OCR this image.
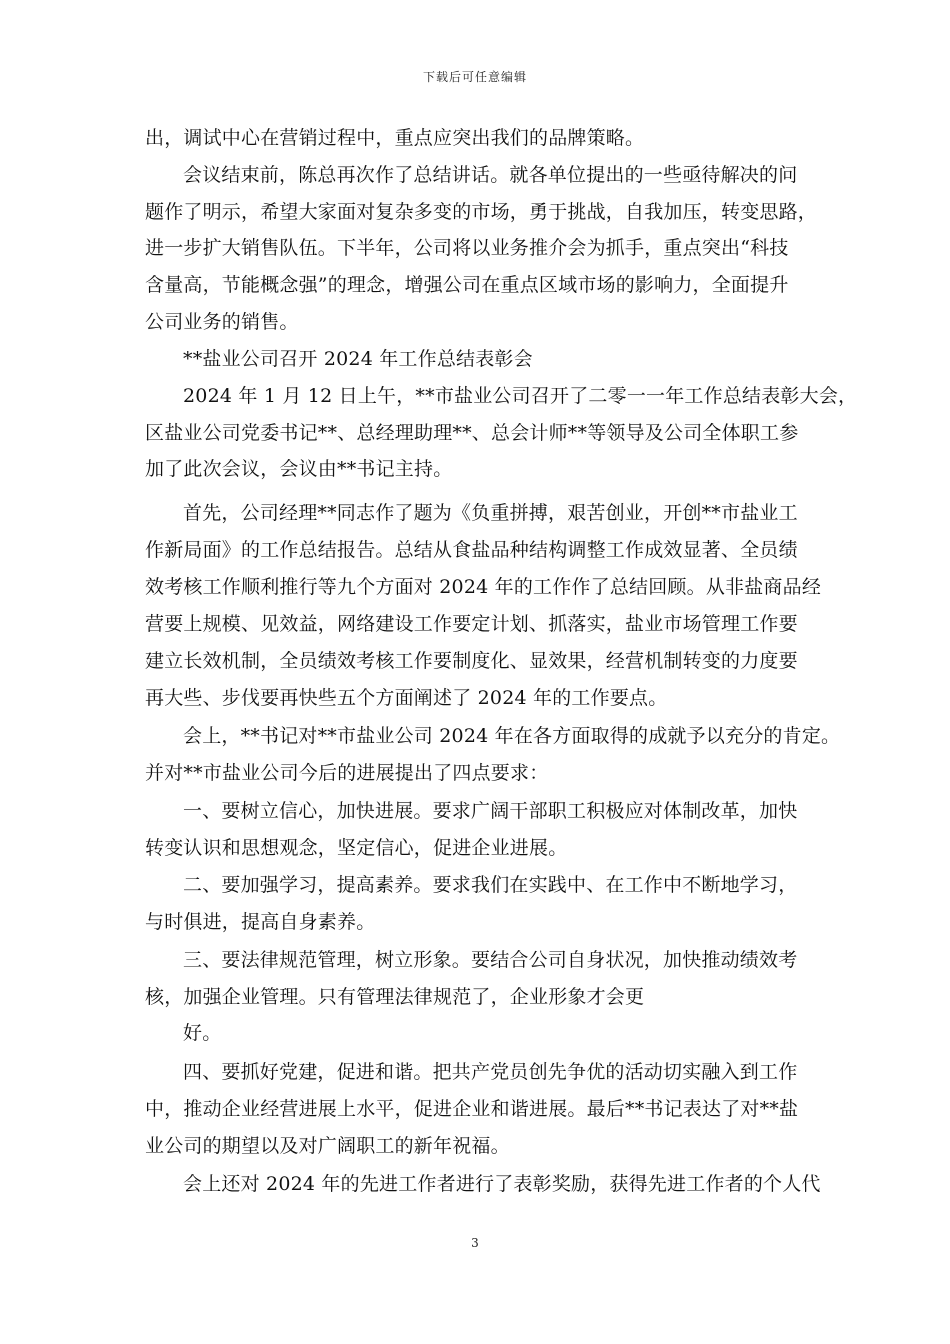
下载后可任意编辑
出，调试中心在营销过程中，重点应突出我们的品牌策略。
会议结束前，陈总再次作了总结讲话。就各单位提出的一些亟待解决的问
题作了明示，希望大家面对复杂多变的市场，勇于挑战，自我加压，转变思路，
进一步扩大销售队伍。下半年，公司将以业务推介会为抓手，重点突出“科技
含量高，节能概念强”的理念，增强公司在重点区域市场的影响力，全面提升
公司业务的销售。
**盐业公司召开 2024 年工作总结表彰会
2024 年 1 月 12 日上午，**市盐业公司召开了二零一一年工作总结表彰大会，
区盐业公司党委书记**、总经理助理**、总会计师**等领导及公司全体职工参
加了此次会议，会议由**书记主持。
首先，公司经理**同志作了题为《负重拼搏，艰苦创业，开创**市盐业工
作新局面》的工作总结报告。总结从食盐品种结构调整工作成效显著、全员绩
效考核工作顺利推行等九个方面对 2024 年的工作作了总结回顾。从非盐商品经
营要上规模、见效益，网络建设工作要定计划、抓落实，盐业市场管理工作要
建立长效机制，全员绩效考核工作要制度化、显效果，经营机制转变的力度要
再大些、步伐要再快些五个方面阐述了 2024 年的工作要点。
会上，**书记对**市盐业公司 2024 年在各方面取得的成就予以充分的肯定。
并对**市盐业公司今后的进展提出了四点要求：
一、要树立信心，加快进展。要求广阔干部职工积极应对体制改革，加快
转变认识和思想观念，坚定信心，促进企业进展。
二、要加强学习，提高素养。要求我们在实践中、在工作中不断地学习，
与时俱进，提高自身素养。
三、要法律规范管理，树立形象。要结合公司自身状况，加快推动绩效考
核，加强企业管理。只有管理法律规范了，企业形象才会更
好。
四、要抓好党建，促进和谐。把共产党员创先争优的活动切实融入到工作
中，推动企业经营进展上水平，促进企业和谐进展。最后**书记表达了对**盐
业公司的期望以及对广阔职工的新年祝福。
会上还对 2024 年的先进工作者进行了表彰奖励，获得先进工作者的个人代
3
